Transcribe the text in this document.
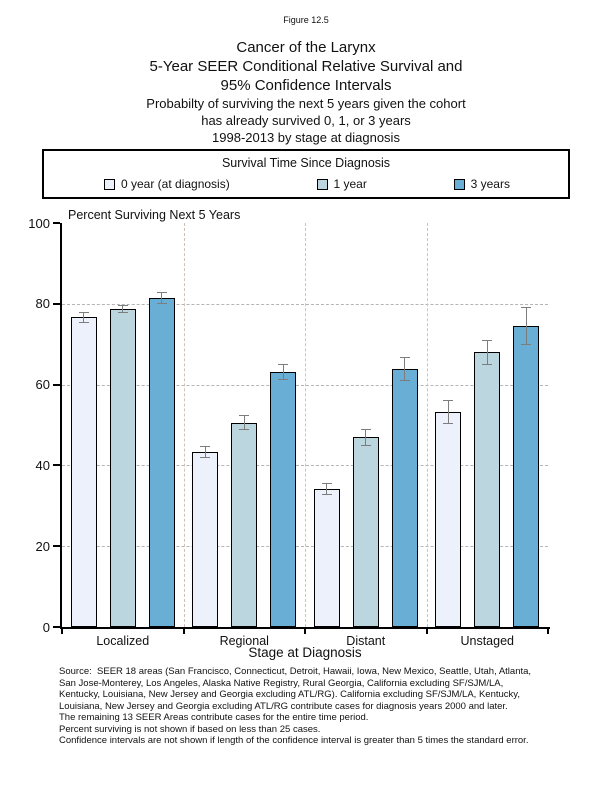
Figure 12.5
Cancer of the Larynx
5-Year SEER Conditional Relative Survival and
95% Confidence Intervals
Probabilty of surviving the next 5 years given the cohort
has already survived 0, 1, or 3 years
1998-2013 by stage at diagnosis
Survival Time Since Diagnosis
0 year (at diagnosis)	1 year	3 years
Percent Surviving Next 5 Years
0
20
40
60
80
100
Localized	Regional	Distant	Unstaged
Stage at Diagnosis
Source:  SEER 18 areas (San Francisco, Connecticut, Detroit, Hawaii, Iowa, New Mexico, Seattle, Utah, Atlanta,
San Jose-Monterey, Los Angeles, Alaska Native Registry, Rural Georgia, California excluding SF/SJM/LA,
Kentucky, Louisiana, New Jersey and Georgia excluding ATL/RG). California excluding SF/SJM/LA, Kentucky,
Louisiana, New Jersey and Georgia excluding ATL/RG contribute cases for diagnosis years 2000 and later.
The remaining 13 SEER Areas contribute cases for the entire time period.
Percent surviving is not shown if based on less than 25 cases.
Confidence intervals are not shown if length of the confidence interval is greater than 5 times the standard error.
